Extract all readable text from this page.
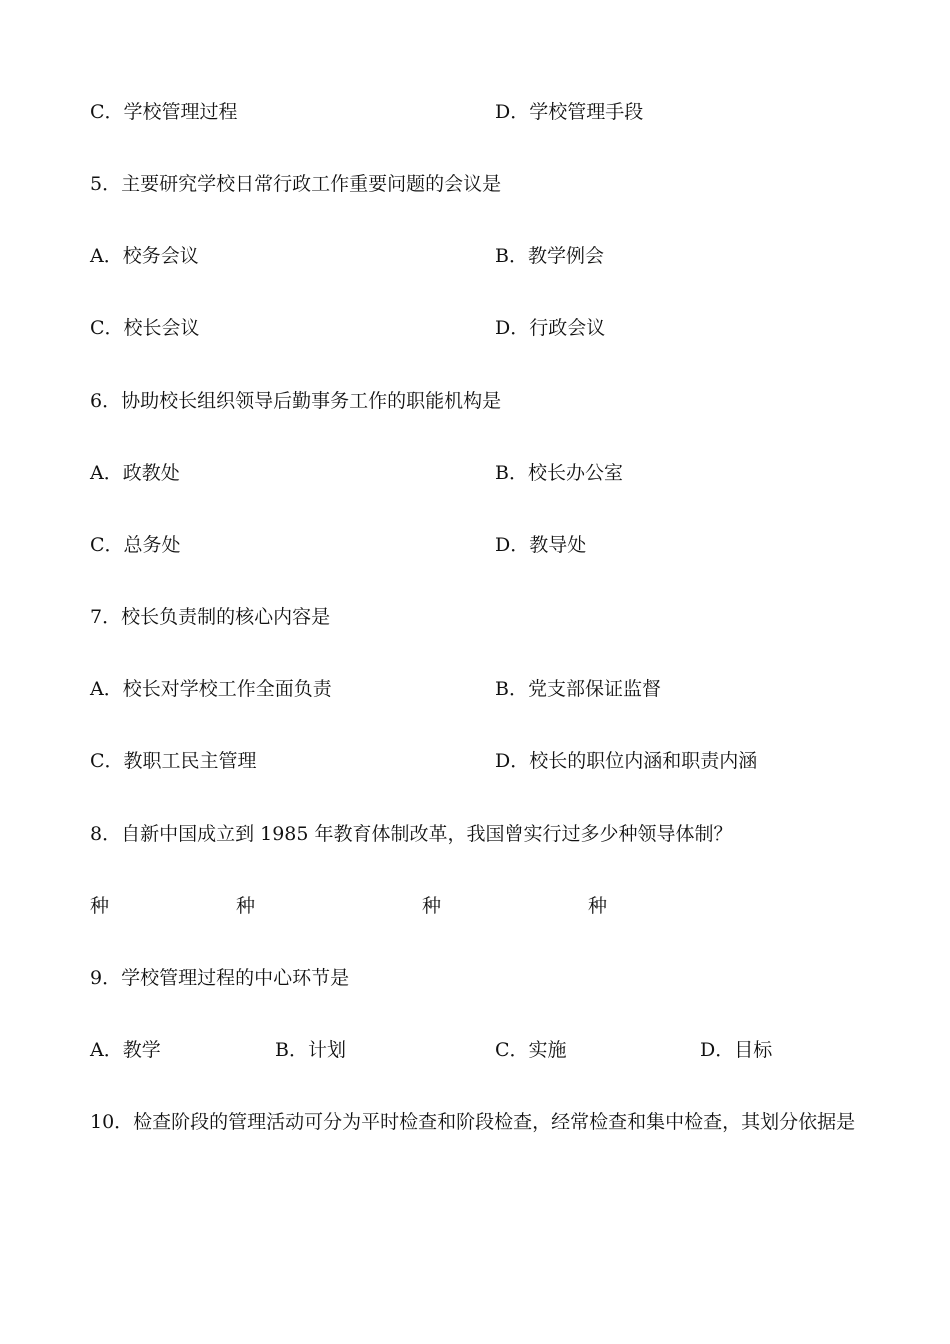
C．学校管理过程	D．学校管理手段
5．主要研究学校日常行政工作重要问题的会议是
A．校务会议	B．教学例会
C．校长会议	D．行政会议
6．协助校长组织领导后勤事务工作的职能机构是
A．政教处	B．校长办公室
C．总务处	D．教导处
7．校长负责制的核心内容是
A．校长对学校工作全面负责	B．党支部保证监督
C．教职工民主管理	D．校长的职位内涵和职责内涵
8．自新中国成立到 1985 年教育体制改革，我国曾实行过多少种领导体制？
种	种	种	种
9．学校管理过程的中心环节是
A．教学	B．计划	C．实施	D．目标
10．检查阶段的管理活动可分为平时检查和阶段检查，经常检查和集中检查，其划分依据是
